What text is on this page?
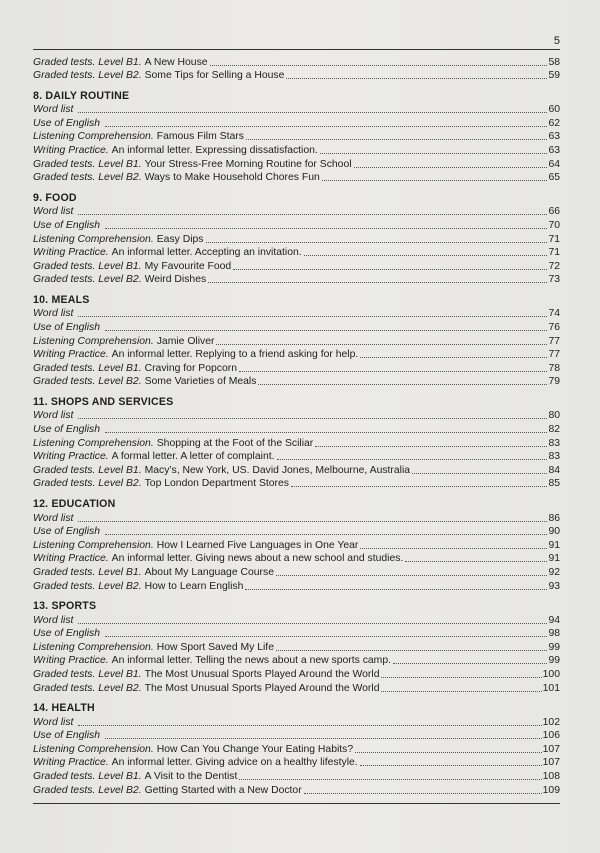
5
Graded tests. Level B1. A New House	58
Graded tests. Level B2. Some Tips for Selling a House	59
8. DAILY ROUTINE
Word list	60
Use of English	62
Listening Comprehension. Famous Film Stars	63
Writing Practice. An informal letter. Expressing dissatisfaction.	63
Graded tests. Level B1. Your Stress-Free Morning Routine for School	64
Graded tests. Level B2. Ways to Make Household Chores Fun	65
9. FOOD
Word list	66
Use of English	70
Listening Comprehension. Easy Dips	71
Writing Practice. An informal letter. Accepting an invitation.	71
Graded tests. Level B1. My Favourite Food	72
Graded tests. Level B2. Weird Dishes	73
10. MEALS
Word list	74
Use of English	76
Listening Comprehension. Jamie Oliver	77
Writing Practice. An informal letter. Replying to a friend asking for help.	77
Graded tests. Level B1. Craving for Popcorn	78
Graded tests. Level B2. Some Varieties of Meals	79
11. SHOPS AND SERVICES
Word list	80
Use of English	82
Listening Comprehension. Shopping at the Foot of the Sciliar	83
Writing Practice. A formal letter. A letter of complaint.	83
Graded tests. Level B1. Macy’s, New York, US. David Jones, Melbourne, Australia	84
Graded tests. Level B2. Top London Department Stores	85
12. EDUCATION
Word list	86
Use of English	90
Listening Comprehension. How I Learned Five Languages in One Year	91
Writing Practice. An informal letter. Giving news about a new school and studies.	91
Graded tests. Level B1. About My Language Course	92
Graded tests. Level B2. How to Learn English	93
13. SPORTS
Word list	94
Use of English	98
Listening Comprehension. How Sport Saved My Life	99
Writing Practice. An informal letter. Telling the news about a new sports camp.	99
Graded tests. Level B1. The Most Unusual Sports Played Around the World	100
Graded tests. Level B2. The Most Unusual Sports Played Around the World	101
14. HEALTH
Word list	102
Use of English	106
Listening Comprehension. How Can You Change Your Eating Habits?	107
Writing Practice. An informal letter. Giving advice on a healthy lifestyle.	107
Graded tests. Level B1. A Visit to the Dentist	108
Graded tests. Level B2. Getting Started with a New Doctor	109
